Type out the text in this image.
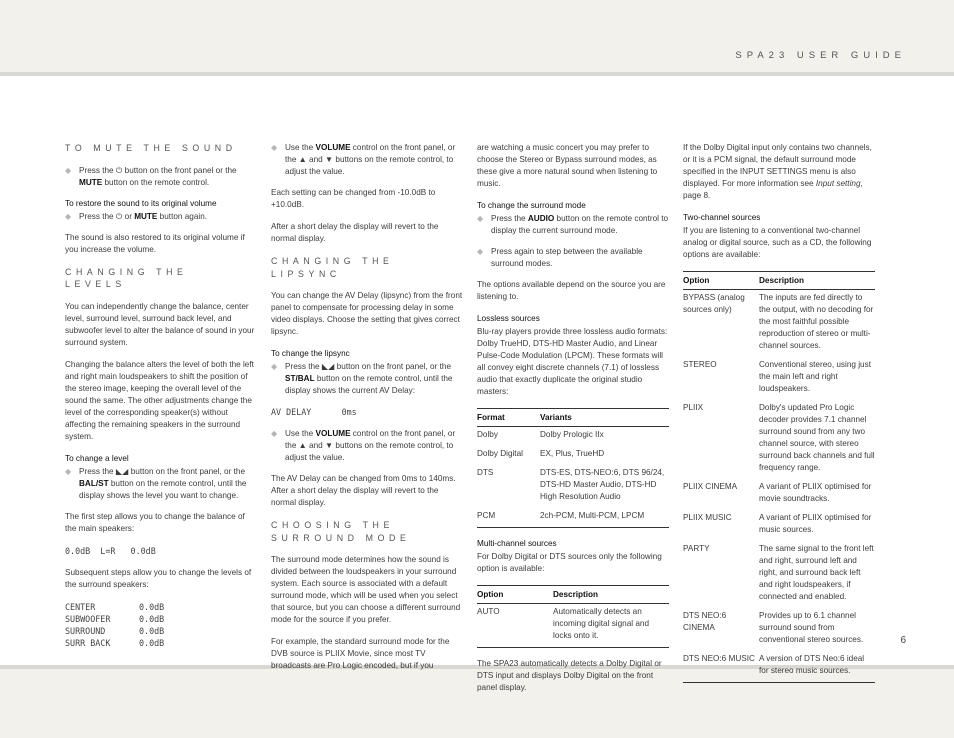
SPA23 USER GUIDE
TO MUTE THE SOUND
◆ Press the ⏻ button on the front panel or the MUTE button on the remote control.
To restore the sound to its original volume
◆ Press the ⏻ or MUTE button again.

The sound is also restored to its original volume if you increase the volume.

CHANGING THE
LEVELS

You can independently change the balance, center level, surround level, surround back level, and subwoofer level to alter the balance of sound in your surround system.

Changing the balance alters the level of both the left and right main loudspeakers to shift the position of the stereo image, keeping the overall level of the sound the same. The other adjustments change the level of the corresponding speaker(s) without affecting the remaining speakers in the surround system.

To change a level
◆ Press the ◣◢ button on the front panel, or the BAL/ST button on the remote control, until the display shows the level you want to change.

The first step allows you to change the balance of the main speakers:

0.0dB  L=R   0.0dB

Subsequent steps allow you to change the levels of the surround speakers:

CENTER	0.0dB
SUBWOOFER	0.0dB
SURROUND	0.0dB
SURR BACK	0.0dB
◆ Use the VOLUME control on the front panel, or the ▲ and ▼ buttons on the remote control, to adjust the value.

Each setting can be changed from -10.0dB to +10.0dB.

After a short delay the display will revert to the normal display.

CHANGING THE
LIPSYNC

You can change the AV Delay (lipsync) from the front panel to compensate for processing delay in some video displays. Choose the setting that gives correct lipsync.

To change the lipsync
◆ Press the ◣◢ button on the front panel, or the ST/BAL button on the remote control, until the display shows the current AV Delay:
AV DELAY      0ms
◆ Use the VOLUME control on the front panel, or the ▲ and ▼ buttons on the remote control, to adjust the value.

The AV Delay can be changed from 0ms to 140ms. After a short delay the display will revert to the normal display.

CHOOSING THE
SURROUND MODE

The surround mode determines how the sound is divided between the loudspeakers in your surround system. Each source is associated with a default surround mode, which will be used when you select that source, but you can choose a different surround mode for the source if you prefer.

For example, the standard surround mode for the DVB source is PLIIX Movie, since most TV broadcasts are Pro Logic encoded, but if you

are watching a music concert you may prefer to choose the Stereo or Bypass surround modes, as these give a more natural sound when listening to music.

To change the surround mode
◆ Press the AUDIO button on the remote control to display the current surround mode.
◆ Press again to step between the available surround modes.

The options available depend on the source you are listening to.

Lossless sources

Blu-ray players provide three lossless audio formats: Dolby TrueHD, DTS-HD Master Audio, and Linear Pulse-Code Modulation (LPCM). These formats will all convey eight discrete channels (7.1) of lossless audio that exactly duplicate the original studio masters:

Format	Variants
Dolby	Dolby Prologic IIx
Dolby Digital	EX, Plus, TrueHD
DTS	DTS-ES, DTS-NEO:6, DTS 96/24, DTS-HD Master Audio, DTS-HD High Resolution Audio
PCM	2ch-PCM, Multi-PCM, LPCM
Multi-channel sources

For Dolby Digital or DTS sources only the following option is available:

Option	Description
AUTO	Automatically detects an incoming digital signal and locks onto it.

The SPA23 automatically detects a Dolby Digital or DTS input and displays Dolby Digital on the front panel display.

If the Dolby Digital input only contains two channels, or it is a PCM signal, the default surround mode specified in the INPUT SETTINGS menu is also displayed. For more information see Input setting, page 8.

Two-channel sources

If you are listening to a conventional two-channel analog or digital source, such as a CD, the following options are available:

Option	Description
BYPASS (analog sources only)	The inputs are fed directly to the output, with no decoding for the most faithful possible reproduction of stereo or multi-channel sources.
STEREO	Conventional stereo, using just the main left and right loudspeakers.
PLIIX	Dolby's updated Pro Logic decoder provides 7.1 channel surround sound from any two channel source, with stereo surround back channels and full frequency range.
PLIIX CINEMA	A variant of PLIIX optimised for movie soundtracks.
PLIIX MUSIC	A variant of PLIIX optimised for music sources.
PARTY	The same signal to the front left and right, surround left and right, and surround back left and right loudspeakers, if connected and enabled.
DTS NEO:6 CINEMA	Provides up to 6.1 channel surround sound from conventional stereo sources.
DTS NEO:6 MUSIC	A version of DTS Neo:6 ideal for stereo music sources.
6
